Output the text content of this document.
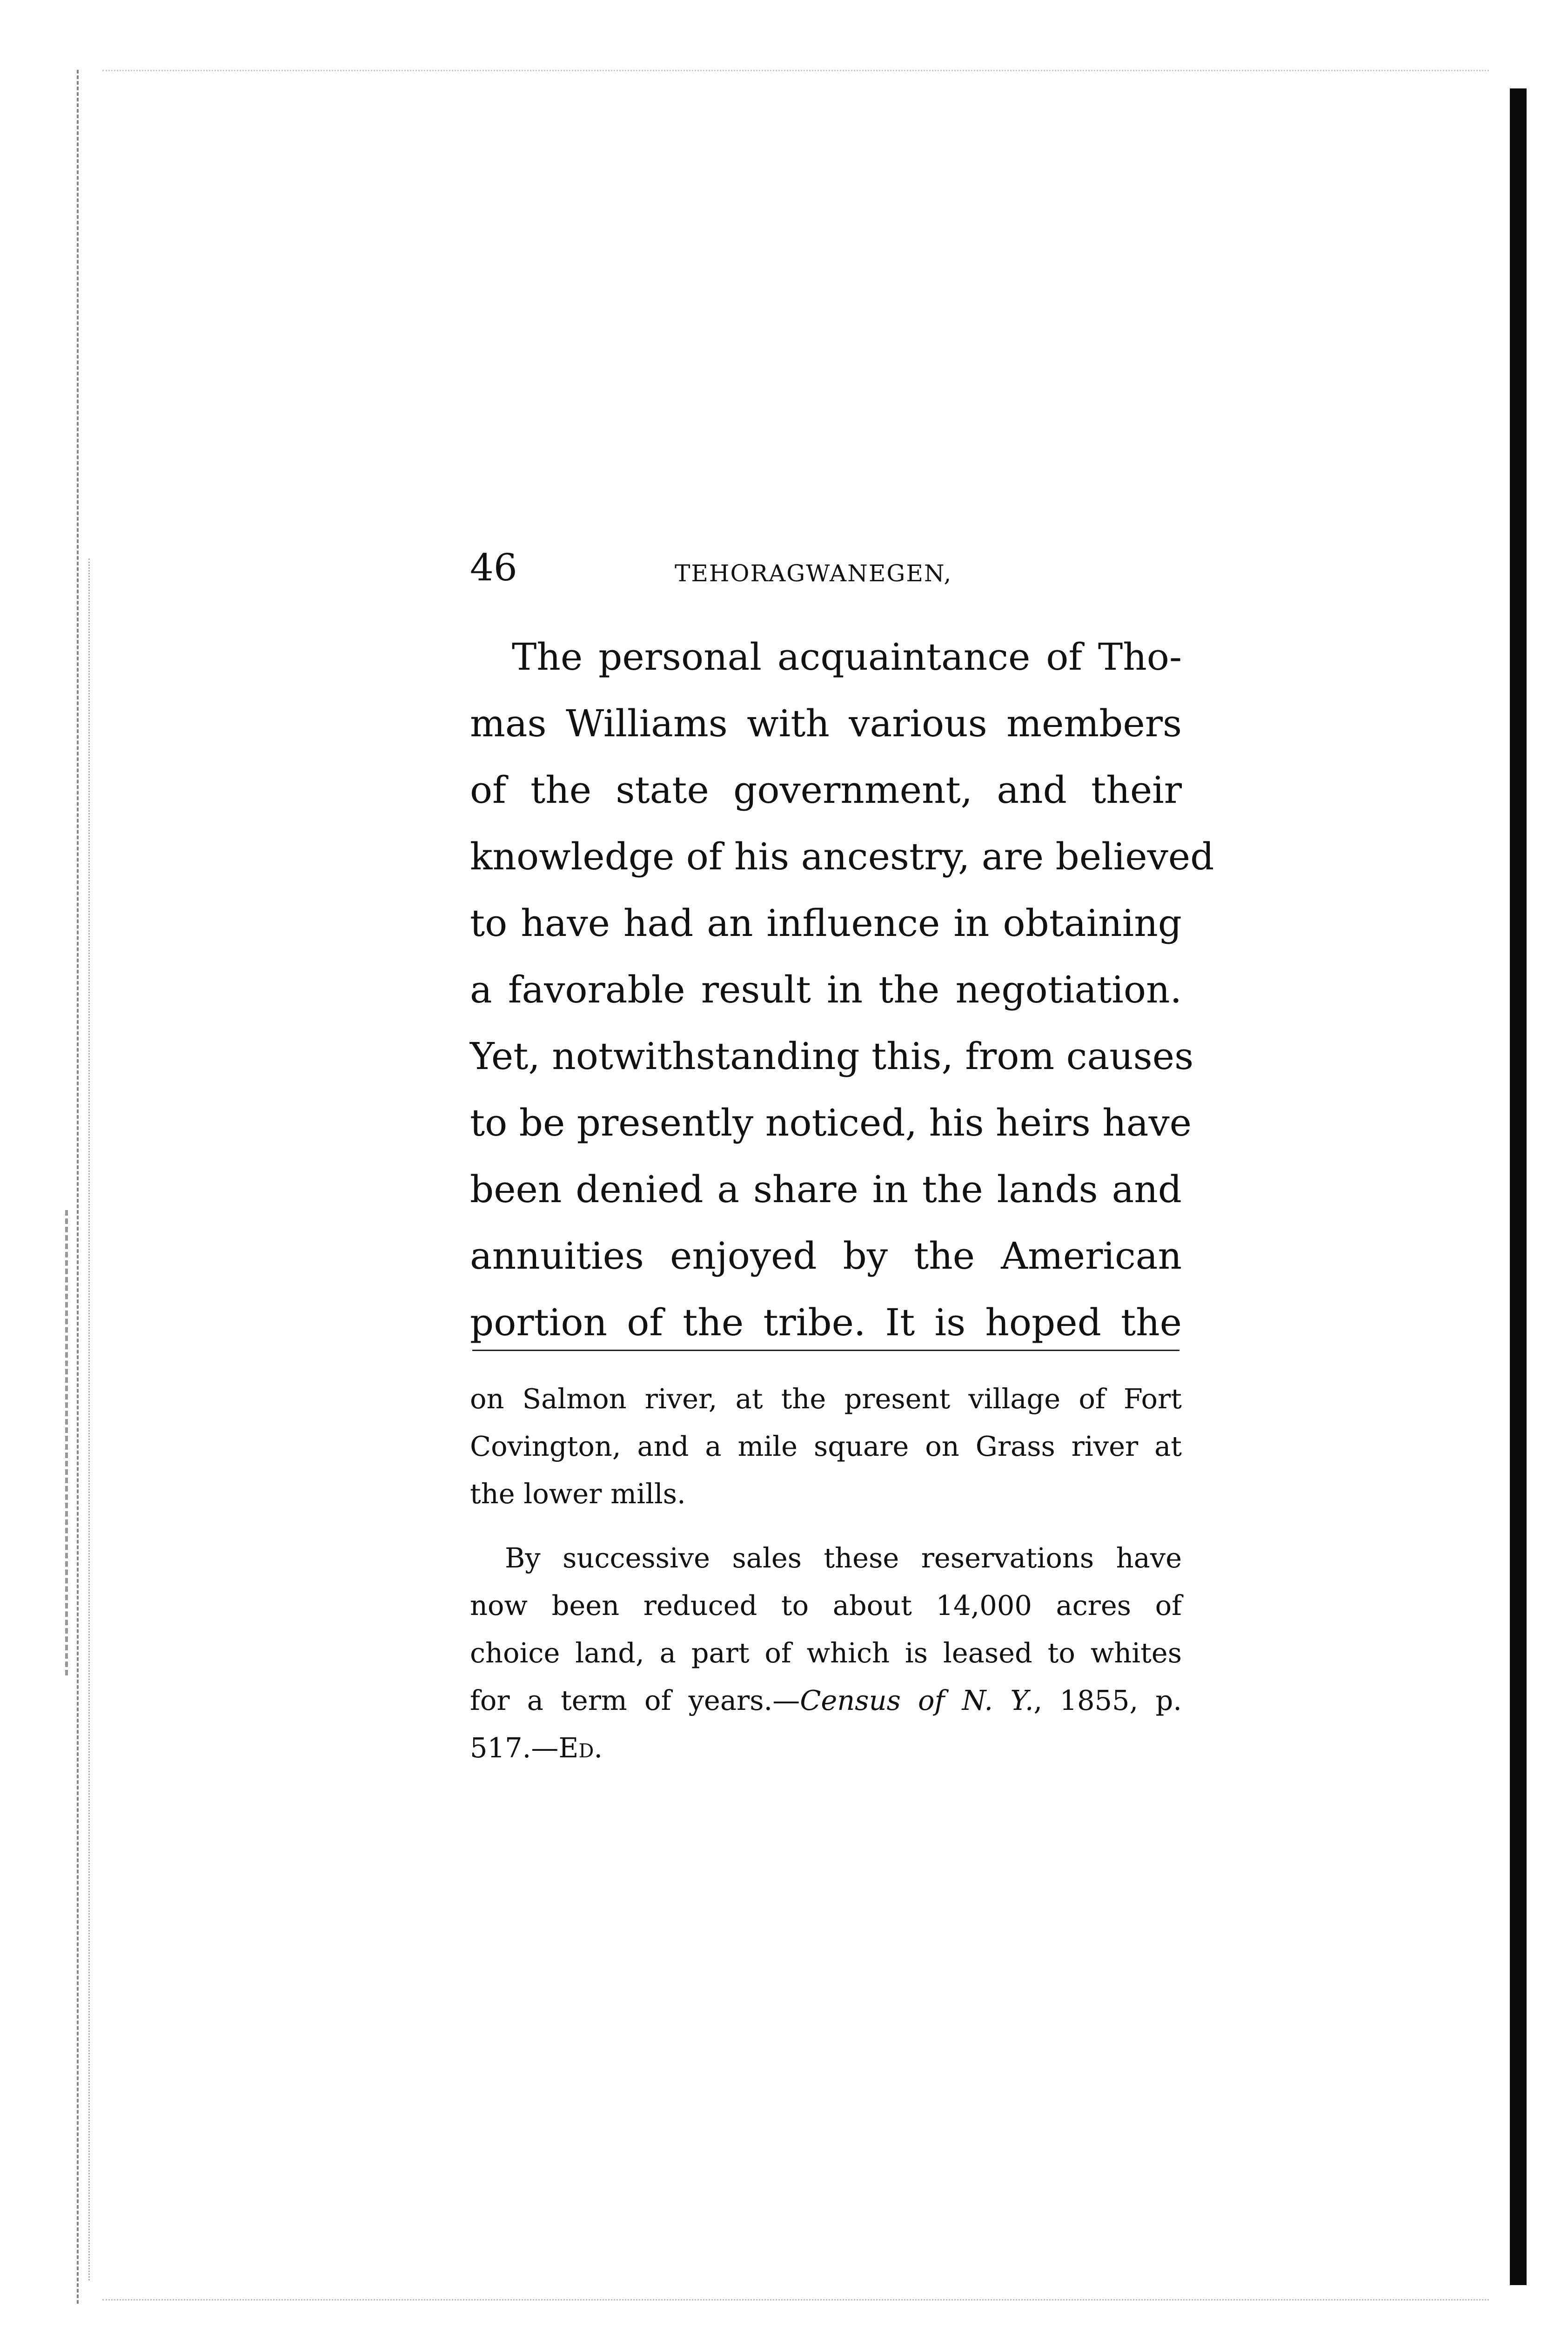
46	TEHORAGWANEGEN,
The personal acquaintance of Tho-
mas Williams with various members
of the state government, and their
knowledge of his ancestry, are believed
to have had an influence in obtaining
a favorable result in the negotiation.
Yet, notwithstanding this, from causes
to be presently noticed, his heirs have
been denied a share in the lands and
annuities enjoyed by the American
portion of the tribe. It is hoped the
on Salmon river, at the present village of Fort
Covington, and a mile square on Grass river at
the lower mills.
By successive sales these reservations have
now been reduced to about 14,000 acres of
choice land, a part of which is leased to whites
for a term of years.—Census of N. Y., 1855, p.
517.—Ed.
